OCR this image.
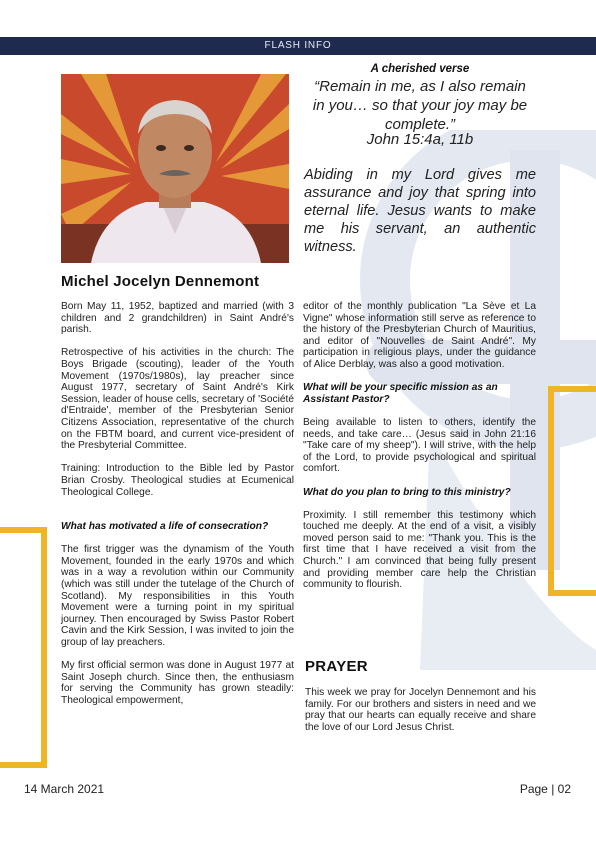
FLASH INFO
A cherished verse
“Remain in me, as I also remain
in you… so that your joy may be
complete.”
John 15:4a, 11b
Abiding in my Lord gives me assurance and joy that spring into eternal life. Jesus wants to make me his servant, an authentic witness.
Michel Jocelyn Dennemont

Born May 11, 1952, baptized and married (with 3 children and 2 grandchildren) in Saint André's parish.

Retrospective of his activities in the church: The Boys Brigade (scouting), leader of the Youth Movement (1970s/1980s), lay preacher since August 1977, secretary of Saint André's Kirk Session, leader of house cells, secretary of 'Société d'Entraide', member of the Presbyterian Senior Citizens Association, representative of the church on the FBTM board, and current vice-president of the Presbyterial Committee.

Training: Introduction to the Bible led by Pastor Brian Crosby. Theological studies at Ecumenical Theological College.

What has motivated a life of consecration?

The first trigger was the dynamism of the Youth Movement, founded in the early 1970s and which was in a way a revolution within our Community (which was still under the tutelage of the Church of Scotland). My responsibilities in this Youth Movement were a turning point in my spiritual journey. Then encouraged by Swiss Pastor Robert Cavin and the Kirk Session, I was invited to join the group of lay preachers.

My first official sermon was done in August 1977 at Saint Joseph church. Since then, the enthusiasm for serving the Community has grown steadily: Theological empowerment,

editor of the monthly publication "La Sève et La Vigne" whose information still serve as reference to the history of the Presbyterian Church of Mauritius, and editor of "Nouvelles de Saint André". My participation in religious plays, under the guidance of Alice Derblay, was also a good motivation.

What will be your specific mission as an Assistant Pastor?

Being available to listen to others, identify the needs, and take care… (Jesus said in John 21:16 "Take care of my sheep"). I will strive, with the help of the Lord, to provide psychological and spiritual comfort.

What do you plan to bring to this ministry?

Proximity. I still remember this testimony which touched me deeply. At the end of a visit, a visibly moved person said to me: "Thank you. This is the first time that I have received a visit from the Church." I am convinced that being fully present and providing member care help the Christian community to flourish.

PRAYER

This week we pray for Jocelyn Dennemont and his family. For our brothers and sisters in need and we pray that our hearts can equally receive and share the love of our Lord Jesus Christ.

14 March 2021	Page | 02
